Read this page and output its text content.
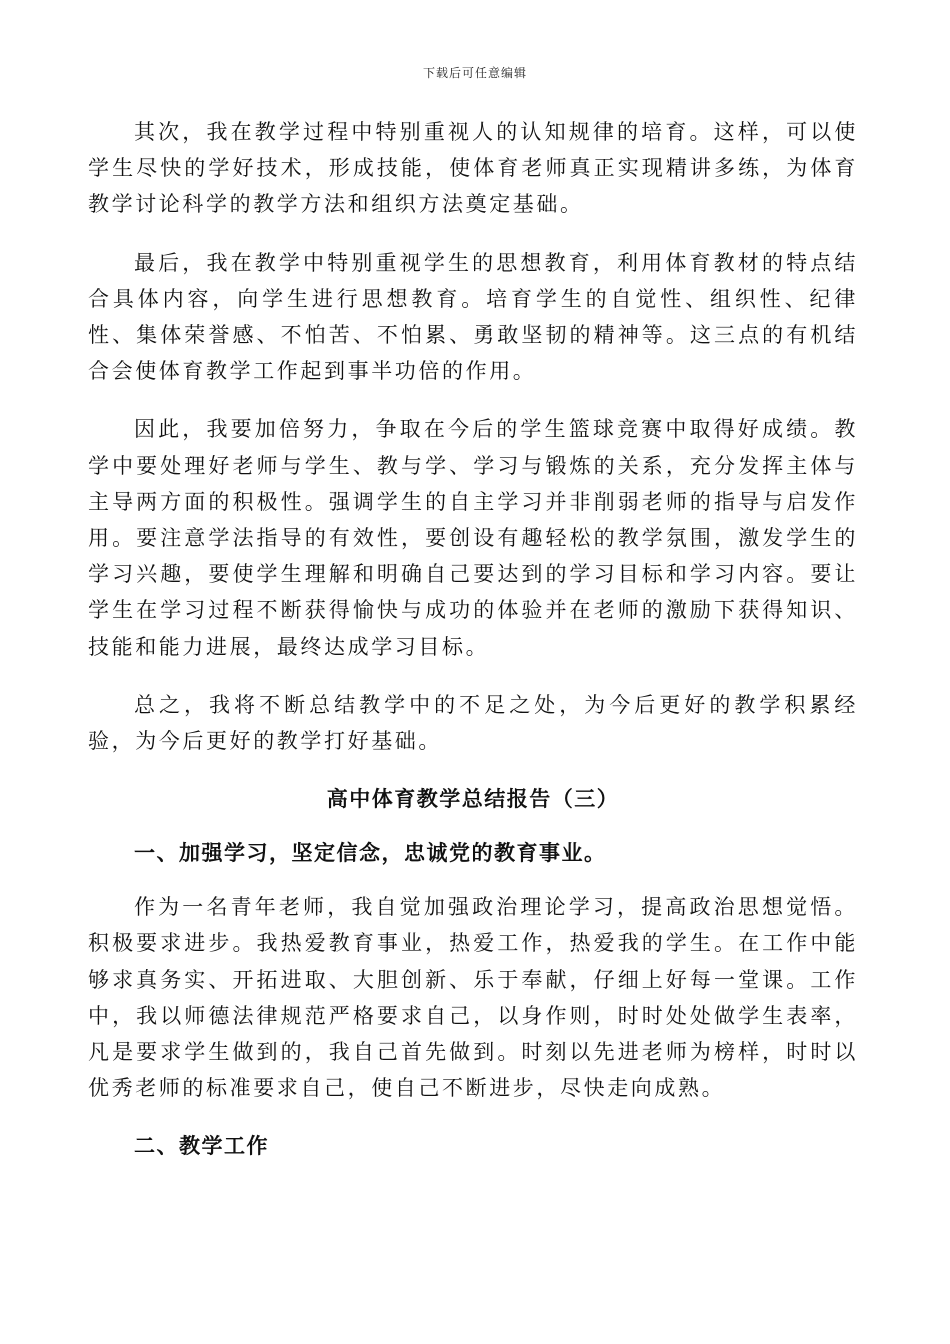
下载后可任意编辑

其次，我在教学过程中特别重视人的认知规律的培育。这样，可以使学生尽快的学好技术，形成技能，使体育老师真正实现精讲多练，为体育教学讨论科学的教学方法和组织方法奠定基础。

最后，我在教学中特别重视学生的思想教育，利用体育教材的特点结合具体内容，向学生进行思想教育。培育学生的自觉性、组织性、纪律性、集体荣誉感、不怕苦、不怕累、勇敢坚韧的精神等。这三点的有机结合会使体育教学工作起到事半功倍的作用。

因此，我要加倍努力，争取在今后的学生篮球竞赛中取得好成绩。教学中要处理好老师与学生、教与学、学习与锻炼的关系，充分发挥主体与主导两方面的积极性。强调学生的自主学习并非削弱老师的指导与启发作用。要注意学法指导的有效性，要创设有趣轻松的教学氛围，激发学生的学习兴趣，要使学生理解和明确自己要达到的学习目标和学习内容。要让学生在学习过程不断获得愉快与成功的体验并在老师的激励下获得知识、技能和能力进展，最终达成学习目标。

总之，我将不断总结教学中的不足之处，为今后更好的教学积累经验，为今后更好的教学打好基础。

高中体育教学总结报告（三）
一、加强学习，坚定信念，忠诚党的教育事业。

作为一名青年老师，我自觉加强政治理论学习，提高政治思想觉悟。积极要求进步。我热爱教育事业，热爱工作，热爱我的学生。在工作中能够求真务实、开拓进取、大胆创新、乐于奉献，仔细上好每一堂课。工作中，我以师德法律规范严格要求自己，以身作则，时时处处做学生表率，凡是要求学生做到的，我自己首先做到。时刻以先进老师为榜样，时时以优秀老师的标准要求自己，使自己不断进步，尽快走向成熟。

二、教学工作
